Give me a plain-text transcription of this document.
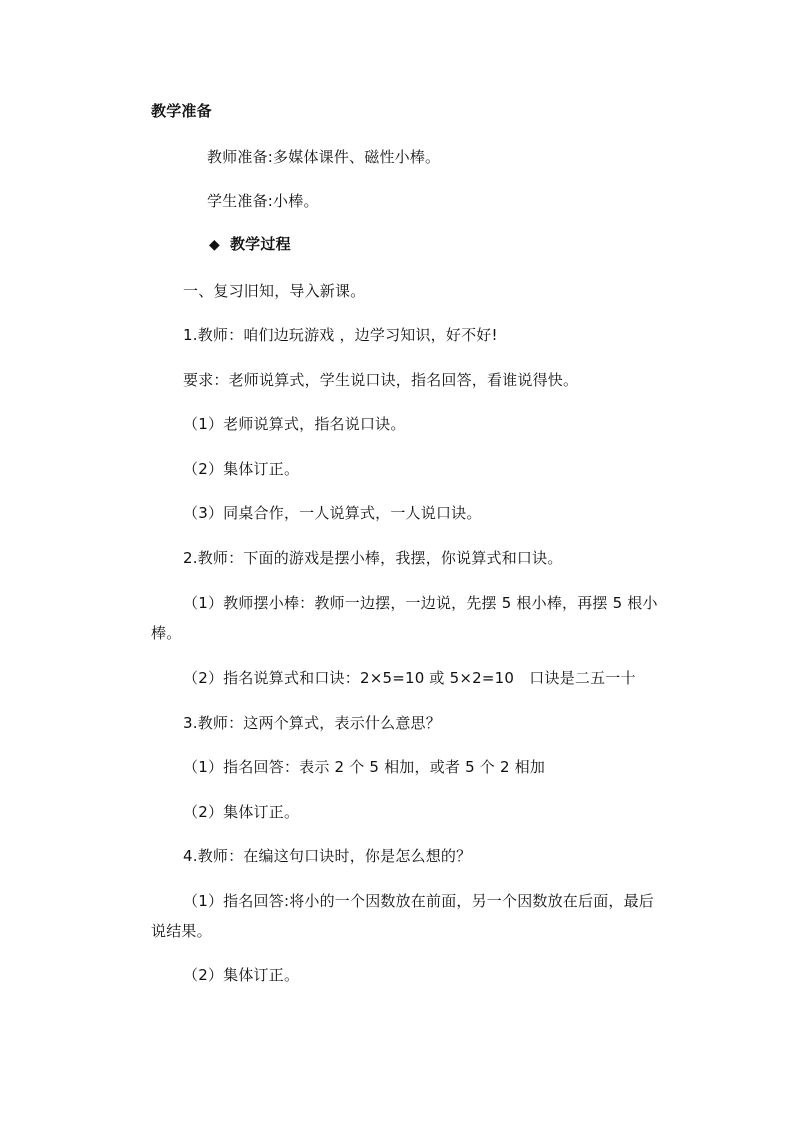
教学准备
教师准备:多媒体课件、磁性小棒。
学生准备:小棒。
◆ 教学过程
一、复习旧知，导入新课。
1.教师：咱们边玩游戏 ，边学习知识，好不好!
要求：老师说算式，学生说口诀，指名回答，看谁说得快。
（1）老师说算式，指名说口诀。
（2）集体订正。
（3）同桌合作，一人说算式，一人说口诀。
2.教师：下面的游戏是摆小棒，我摆，你说算式和口诀。
（1）教师摆小棒：教师一边摆，一边说，先摆 5 根小棒，再摆 5 根小
棒。
（2）指名说算式和口诀：2×5=10 或 5×2=10　口诀是二五一十
3.教师：这两个算式，表示什么意思？
（1）指名回答：表示 2 个 5 相加，或者 5 个 2 相加
（2）集体订正。
4.教师：在编这句口诀时，你是怎么想的？
（1）指名回答:将小的一个因数放在前面，另一个因数放在后面，最后
说结果。
（2）集体订正。
